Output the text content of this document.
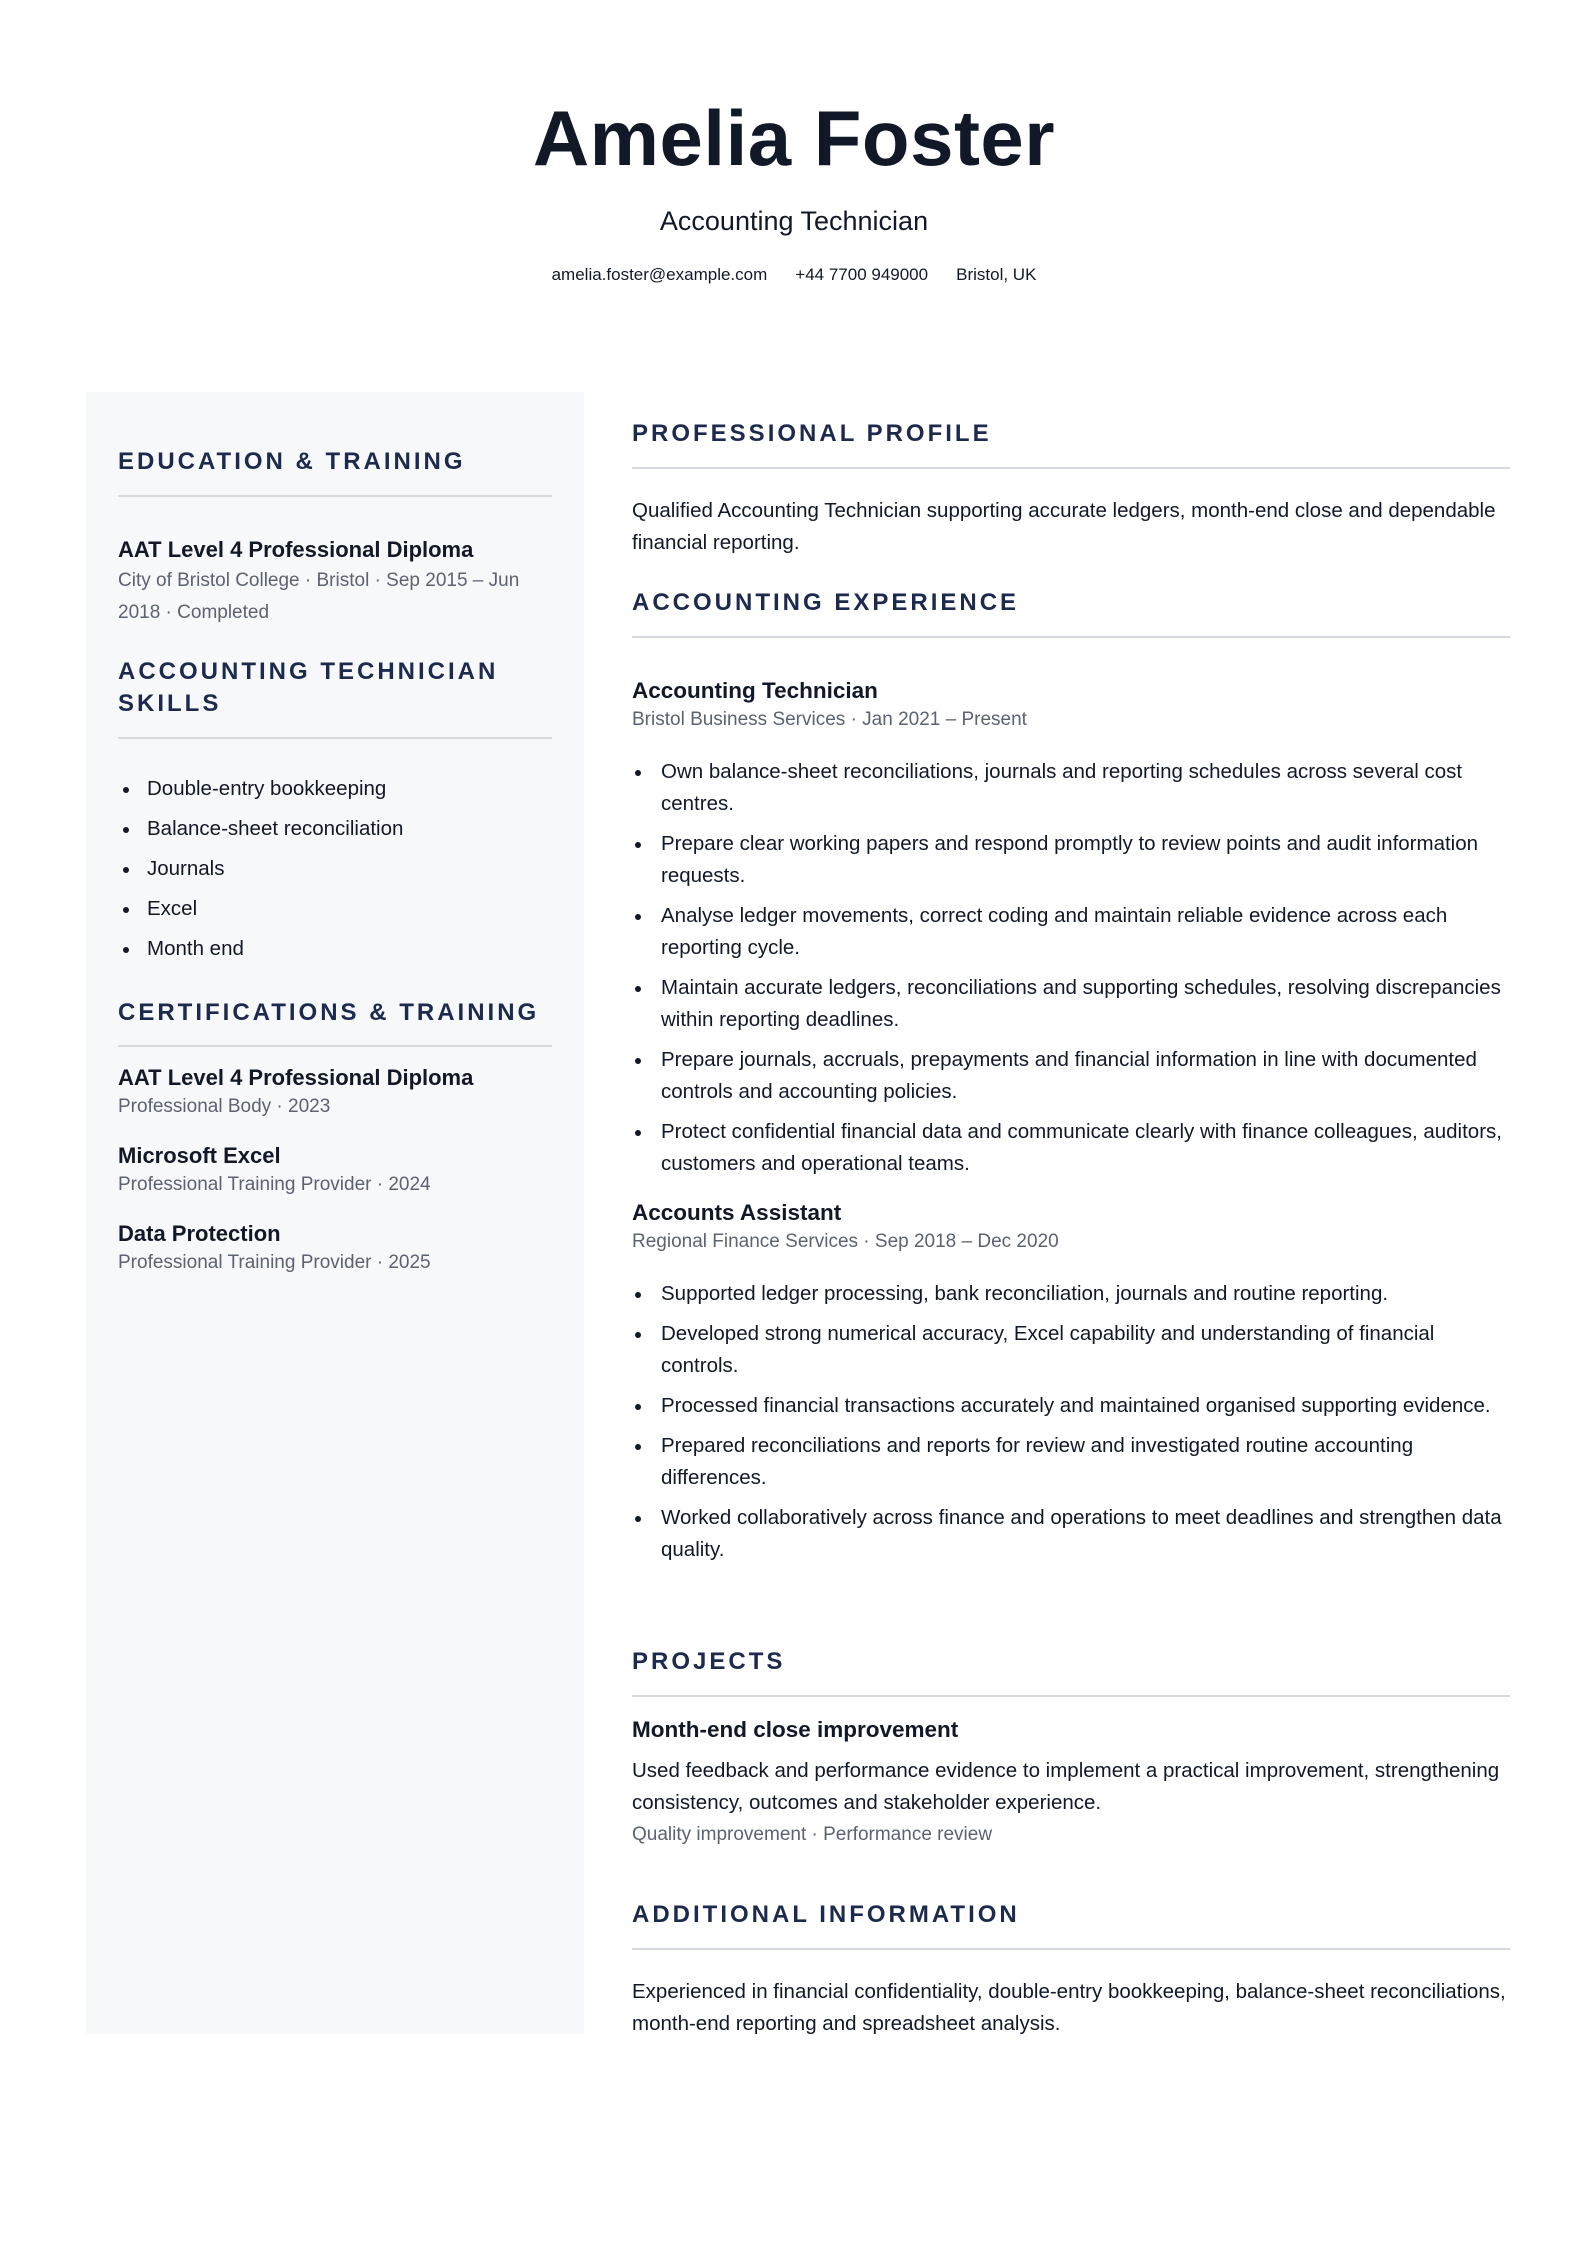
Amelia Foster
Accounting Technician
amelia.foster@example.com +44 7700 949000 Bristol, UK
EDUCATION & TRAINING
AAT Level 4 Professional Diploma
City of Bristol College · Bristol · Sep 2015 – Jun 2018 · Completed
ACCOUNTING TECHNICIAN SKILLS
Double-entry bookkeeping
Balance-sheet reconciliation
Journals
Excel
Month end
CERTIFICATIONS & TRAINING
AAT Level 4 Professional Diploma
Professional Body · 2023
Microsoft Excel
Professional Training Provider · 2024
Data Protection
Professional Training Provider · 2025
PROFESSIONAL PROFILE
Qualified Accounting Technician supporting accurate ledgers, month-end close and dependable financial reporting.
ACCOUNTING EXPERIENCE
Accounting Technician
Bristol Business Services · Jan 2021 – Present
Own balance-sheet reconciliations, journals and reporting schedules across several cost centres.
Prepare clear working papers and respond promptly to review points and audit information requests.
Analyse ledger movements, correct coding and maintain reliable evidence across each reporting cycle.
Maintain accurate ledgers, reconciliations and supporting schedules, resolving discrepancies within reporting deadlines.
Prepare journals, accruals, prepayments and financial information in line with documented controls and accounting policies.
Protect confidential financial data and communicate clearly with finance colleagues, auditors, customers and operational teams.
Accounts Assistant
Regional Finance Services · Sep 2018 – Dec 2020
Supported ledger processing, bank reconciliation, journals and routine reporting.
Developed strong numerical accuracy, Excel capability and understanding of financial controls.
Processed financial transactions accurately and maintained organised supporting evidence.
Prepared reconciliations and reports for review and investigated routine accounting differences.
Worked collaboratively across finance and operations to meet deadlines and strengthen data quality.
PROJECTS
Month-end close improvement
Used feedback and performance evidence to implement a practical improvement, strengthening consistency, outcomes and stakeholder experience.
Quality improvement · Performance review
ADDITIONAL INFORMATION
Experienced in financial confidentiality, double-entry bookkeeping, balance-sheet reconciliations, month-end reporting and spreadsheet analysis.
